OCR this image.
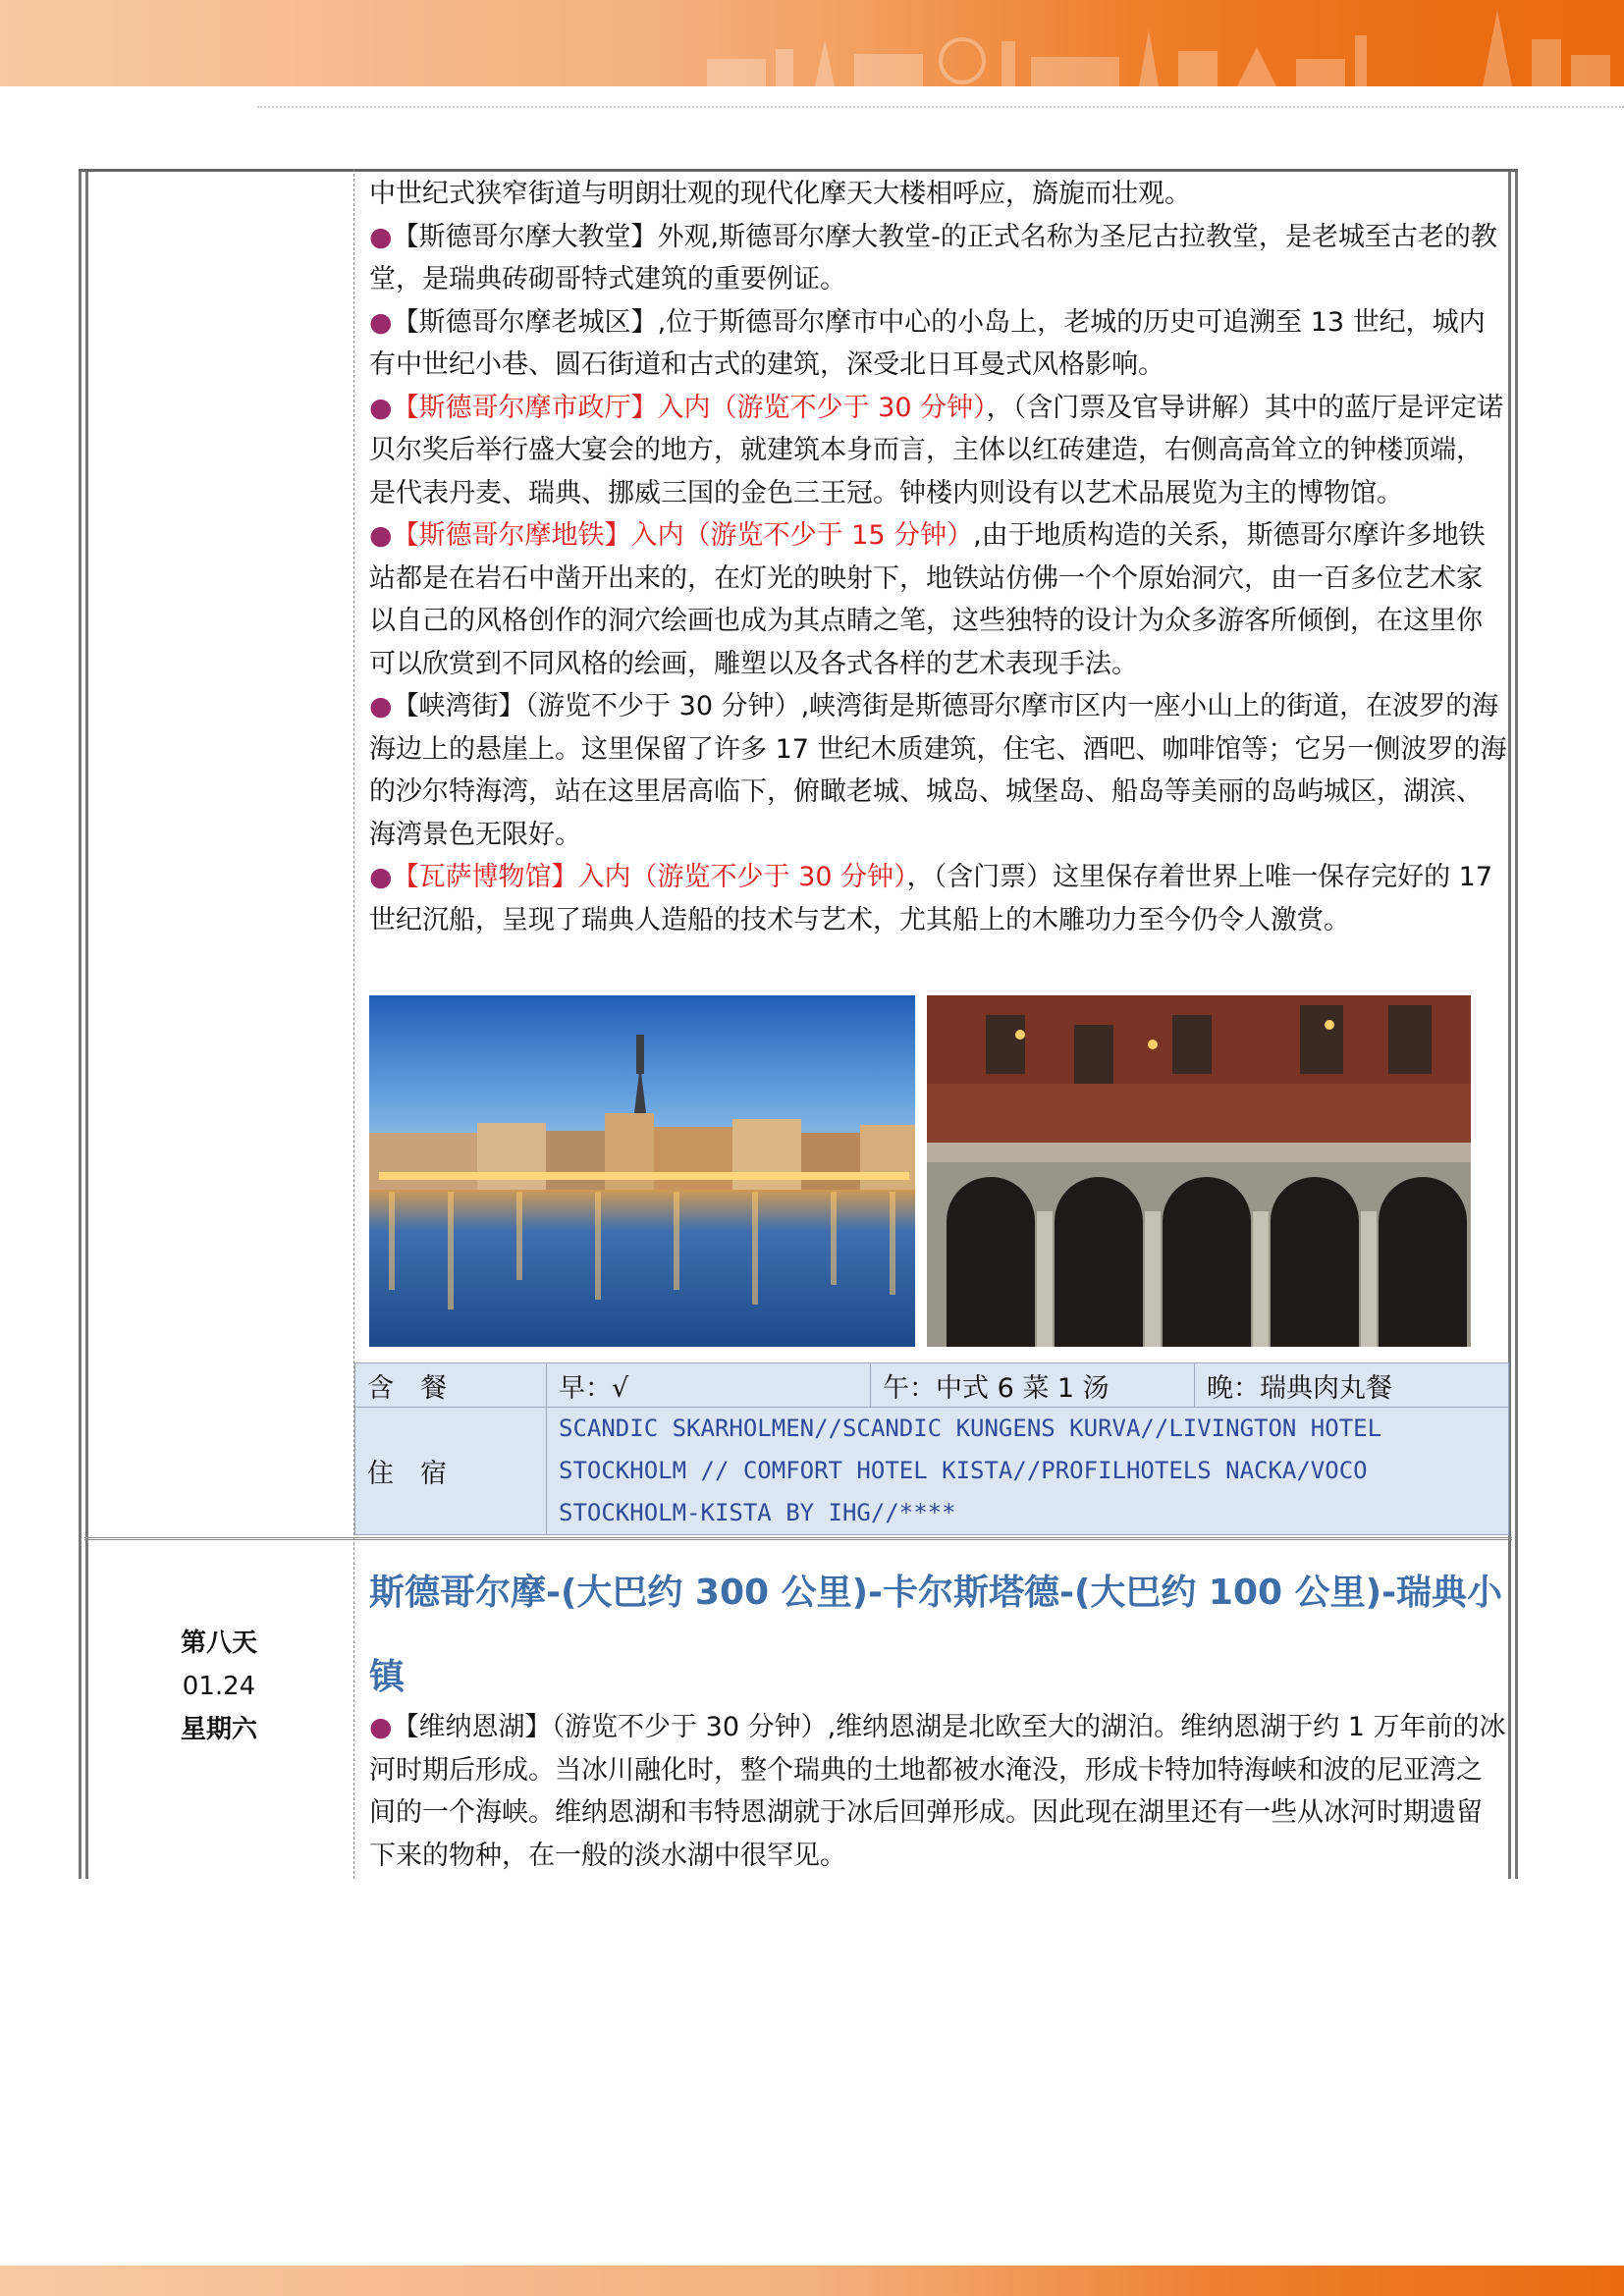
中世纪式狭窄街道与明朗壮观的现代化摩天大楼相呼应，旖旎而壮观。

●【斯德哥尔摩大教堂】外观,斯德哥尔摩大教堂-的正式名称为圣尼古拉教堂，是老城至古老的教堂，是瑞典砖砌哥特式建筑的重要例证。

●【斯德哥尔摩老城区】,位于斯德哥尔摩市中心的小岛上，老城的历史可追溯至 13 世纪，城内有中世纪小巷、圆石街道和古式的建筑，深受北日耳曼式风格影响。

●【斯德哥尔摩市政厅】入内（游览不少于 30 分钟），（含门票及官导讲解）其中的蓝厅是评定诺贝尔奖后举行盛大宴会的地方，就建筑本身而言，主体以红砖建造，右侧高高耸立的钟楼顶端，是代表丹麦、瑞典、挪威三国的金色三王冠。钟楼内则设有以艺术品展览为主的博物馆。

●【斯德哥尔摩地铁】入内（游览不少于 15 分钟）,由于地质构造的关系，斯德哥尔摩许多地铁站都是在岩石中凿开出来的，在灯光的映射下，地铁站仿佛一个个原始洞穴，由一百多位艺术家以自己的风格创作的洞穴绘画也成为其点睛之笔，这些独特的设计为众多游客所倾倒，在这里你可以欣赏到不同风格的绘画，雕塑以及各式各样的艺术表现手法。

●【峡湾街】（游览不少于 30 分钟）,峡湾街是斯德哥尔摩市区内一座小山上的街道，在波罗的海海边上的悬崖上。这里保留了许多 17 世纪木质建筑，住宅、酒吧、咖啡馆等；它另一侧波罗的海的沙尔特海湾，站在这里居高临下，俯瞰老城、城岛、城堡岛、船岛等美丽的岛屿城区，湖滨、海湾景色无限好。

●【瓦萨博物馆】入内（游览不少于 30 分钟），（含门票）这里保存着世界上唯一保存完好的 17 世纪沉船，呈现了瑞典人造船的技术与艺术，尤其船上的木雕功力至今仍令人激赏。

含　餐	早：√	午：中式 6 菜 1 汤	晚：瑞典肉丸餐
住　宿	SCANDIC SKARHOLMEN//SCANDIC KUNGENS KURVA//LIVINGTON HOTEL STOCKHOLM // COMFORT HOTEL KISTA//PROFILHOTELS NACKA/VOCO STOCKHOLM-KISTA BY IHG//****		
第八天
01.24
星期六
斯德哥尔摩-(大巴约 300 公里)-卡尔斯塔德-(大巴约 100 公里)-瑞典小镇

●【维纳恩湖】（游览不少于 30 分钟）,维纳恩湖是北欧至大的湖泊。维纳恩湖于约 1 万年前的冰河时期后形成。当冰川融化时，整个瑞典的土地都被水淹没，形成卡特加特海峡和波的尼亚湾之间的一个海峡。维纳恩湖和韦特恩湖就于冰后回弹形成。因此现在湖里还有一些从冰河时期遗留下来的物种，在一般的淡水湖中很罕见。
